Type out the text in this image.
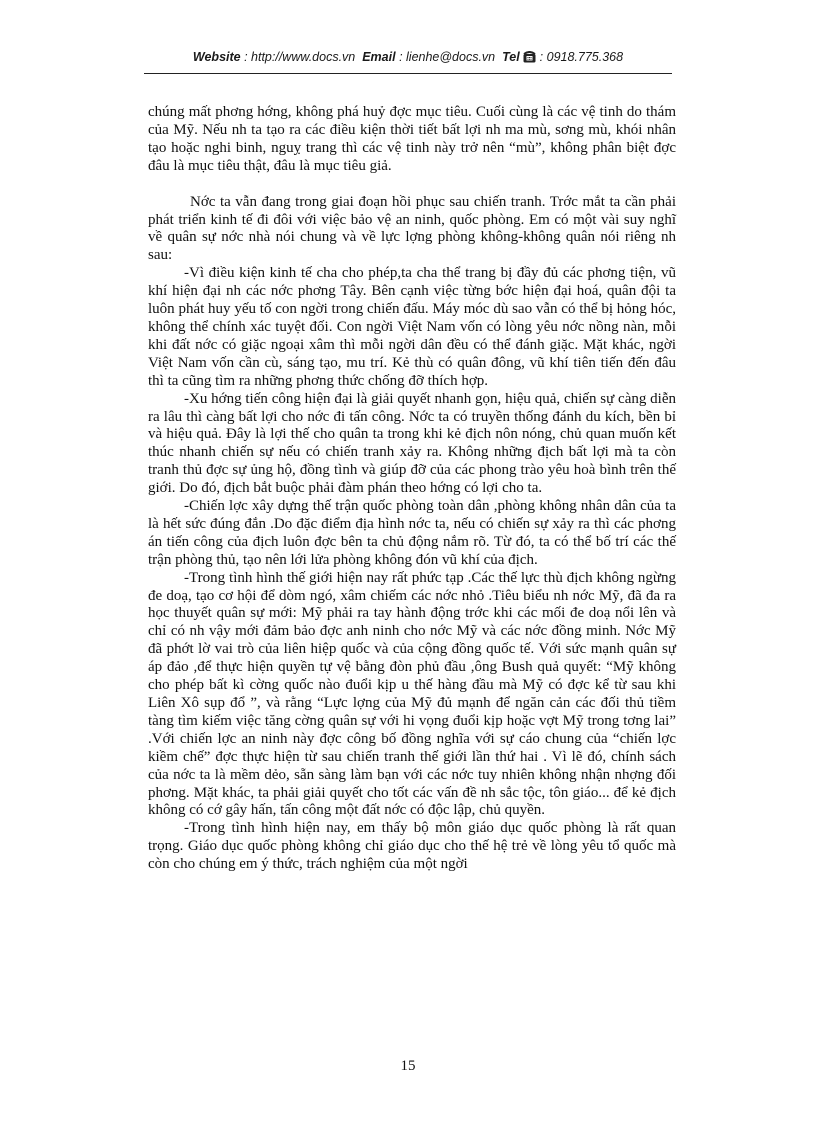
Website : http://www.docs.vn Email : lienhe@docs.vn Tel : 0918.775.368

chúng mất phơng hớng, không phá huỷ đợc mục tiêu. Cuối cùng là các vệ tinh do thám của Mỹ. Nếu nh ta tạo ra các điều kiện thời tiết bất lợi nh ma mù, sơng mù, khói nhân tạo hoặc nghi binh, nguỵ trang thì các vệ tinh này trở nên “mù”, không phân biệt đợc đâu là mục tiêu thật, đâu là mục tiêu giả.

Nớc ta vẫn đang trong giai đoạn hồi phục sau chiến tranh. Trớc mắt ta cần phải phát triển kinh tế đi đôi với việc bảo vệ an ninh, quốc phòng. Em có một vài suy nghĩ về quân sự nớc nhà nói chung và về lực lợng phòng không-không quân nói riêng nh sau:

-Vì điều kiện kinh tế cha cho phép,ta cha thể trang bị đầy đủ các phơng tiện, vũ khí hiện đại nh các nớc phơng Tây. Bên cạnh việc từng bớc hiện đại hoá, quân đội ta luôn phát huy yếu tố con ngời trong chiến đấu. Máy móc dù sao vẫn có thể bị hỏng hóc, không thể chính xác tuyệt đối. Con ngời Việt Nam vốn có lòng yêu nớc nồng nàn, mỗi khi đất nớc có giặc ngoại xâm thì mỗi ngời dân đều có thể đánh giặc. Mặt khác, ngời Việt Nam vốn cần cù, sáng tạo, mu trí. Kẻ thù có quân đông, vũ khí tiên tiến đến đâu thì ta cũng tìm ra những phơng thức chống đỡ thích hợp.

-Xu hớng tiến công hiện đại là giải quyết nhanh gọn, hiệu quả, chiến sự càng diễn ra lâu thì càng bất lợi cho nớc đi tấn công. Nớc ta có truyền thống đánh du kích, bền bỉ và hiệu quả. Đây là lợi thế cho quân ta trong khi kẻ địch nôn nóng, chủ quan muốn kết thúc nhanh chiến sự nếu có chiến tranh xảy ra. Không những địch bất lợi mà ta còn tranh thủ đợc sự ủng hộ, đồng tình và giúp đỡ của các phong trào yêu hoà bình trên thế giới. Do đó, địch bắt buộc phải đàm phán theo hớng có lợi cho ta.

-Chiến lợc xây dựng thế trận quốc phòng toàn dân ,phòng không nhân dân của ta là hết sức đúng đắn .Do đặc điểm địa hình nớc ta, nếu có chiến sự xảy ra thì các phơng án tiến công của địch luôn đợc bên ta chủ động nắm rõ. Từ đó, ta có thể bố trí các thế trận phòng thủ, tạo nên lới lửa phòng không đón vũ khí của địch.

-Trong tình hình thế giới hiện nay rất phức tạp .Các thế lực thù địch không ngừng đe doạ, tạo cơ hội để dòm ngó, xâm chiếm các nớc nhỏ .Tiêu biểu nh nớc Mỹ, đã đa ra học thuyết quân sự mới: Mỹ phải ra tay hành động trớc khi các mối đe doạ nổi lên và chỉ có nh vậy mới đảm bảo đợc anh ninh cho nớc Mỹ và các nớc đồng minh. Nớc Mỹ đã phớt lờ vai trò của liên hiệp quốc và của cộng đồng quốc tế. Với sức mạnh quân sự áp đảo ,để thực hiện quyền tự vệ bằng đòn phủ đầu ,ông Bush quả quyết: “Mỹ không cho phép bất kì cờng quốc nào đuổi kịp u thế hàng đầu mà Mỹ có đợc kể từ sau khi Liên Xô sụp đổ ”, và rằng “Lực lợng của Mỹ đủ mạnh để ngăn cản các đối thủ tiềm tàng tìm kiếm việc tăng cờng quân sự với hi vọng đuổi kịp hoặc vợt Mỹ trong tơng lai” .Với chiến lợc an ninh này đợc công bố đồng nghĩa với sự cáo chung của “chiến lợc kiềm chế” đợc thực hiện từ sau chiến tranh thế giới lần thứ hai . Vì lẽ đó, chính sách của nớc ta là mềm dẻo, sẵn sàng làm bạn với các nớc tuy nhiên không nhận nhợng đối phơng. Mặt khác, ta phải giải quyết cho tốt các vấn đề nh sắc tộc, tôn giáo... để kẻ địch không có cớ gây hấn, tấn công một đất nớc có độc lập, chủ quyền.

-Trong tình hình hiện nay, em thấy bộ môn giáo dục quốc phòng là rất quan trọng. Giáo dục quốc phòng không chỉ giáo dục cho thế hệ trẻ về lòng yêu tổ quốc mà còn cho chúng em ý thức, trách nghiệm của một ngời

15
